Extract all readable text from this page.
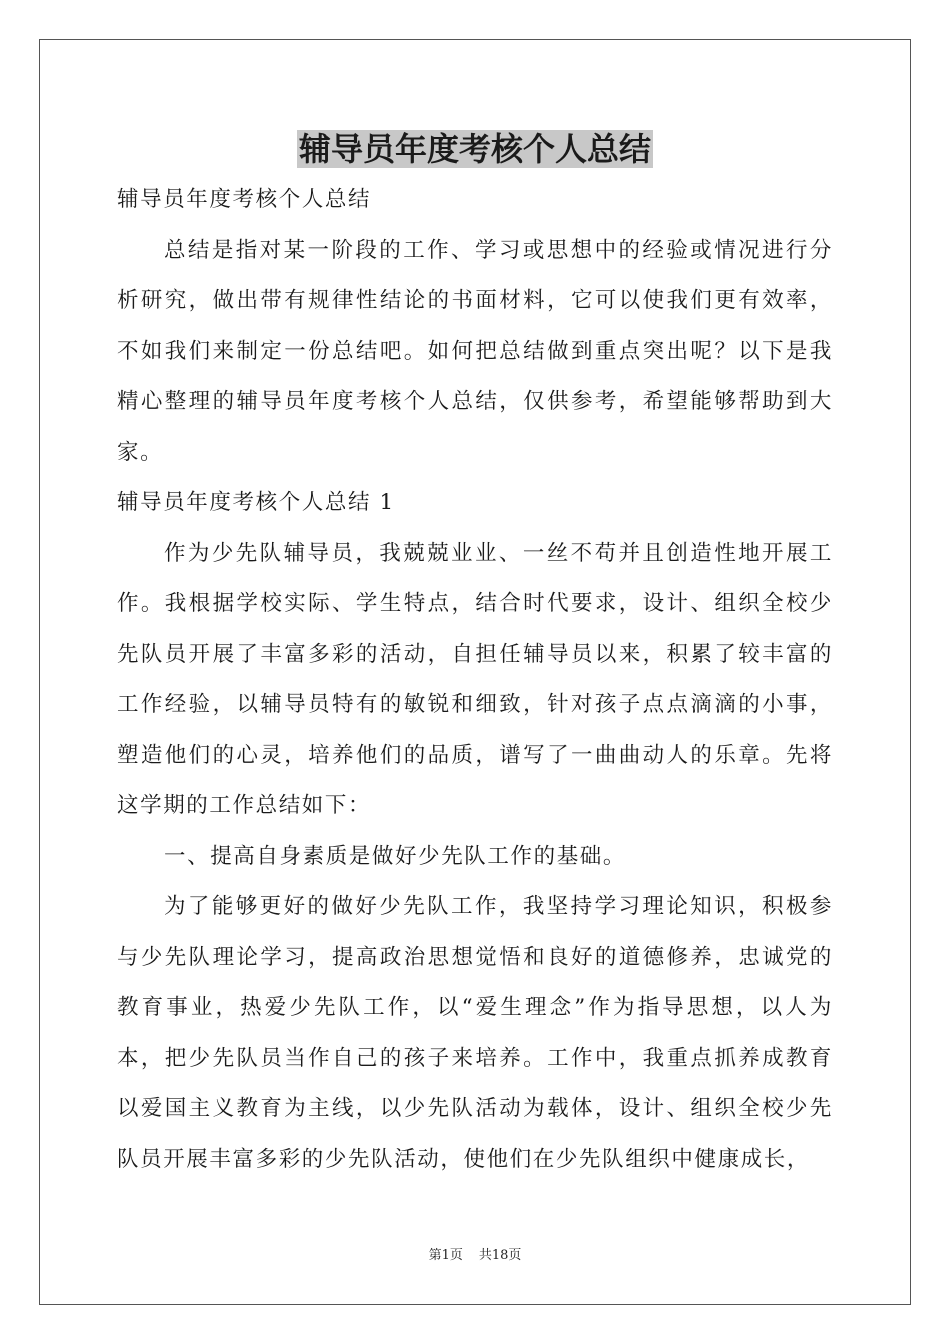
辅导员年度考核个人总结

辅导员年度考核个人总结

总结是指对某一阶段的工作、学习或思想中的经验或情况进行分析研究，做出带有规律性结论的书面材料，它可以使我们更有效率，不如我们来制定一份总结吧。如何把总结做到重点突出呢？以下是我精心整理的辅导员年度考核个人总结，仅供参考，希望能够帮助到大家。

辅导员年度考核个人总结 1

作为少先队辅导员，我兢兢业业、一丝不苟并且创造性地开展工作。我根据学校实际、学生特点，结合时代要求，设计、组织全校少先队员开展了丰富多彩的活动，自担任辅导员以来，积累了较丰富的工作经验，以辅导员特有的敏锐和细致，针对孩子点点滴滴的小事，塑造他们的心灵，培养他们的品质，谱写了一曲曲动人的乐章。先将这学期的工作总结如下：

一、提高自身素质是做好少先队工作的基础。

为了能够更好的做好少先队工作，我坚持学习理论知识，积极参与少先队理论学习，提高政治思想觉悟和良好的道德修养，忠诚党的教育事业，热爱少先队工作，以“爱生理念”作为指导思想，以人为本，把少先队员当作自己的孩子来培养。工作中，我重点抓养成教育以爱国主义教育为主线，以少先队活动为载体，设计、组织全校少先队员开展丰富多彩的少先队活动，使他们在少先队组织中健康成长，

第1页 共18页
